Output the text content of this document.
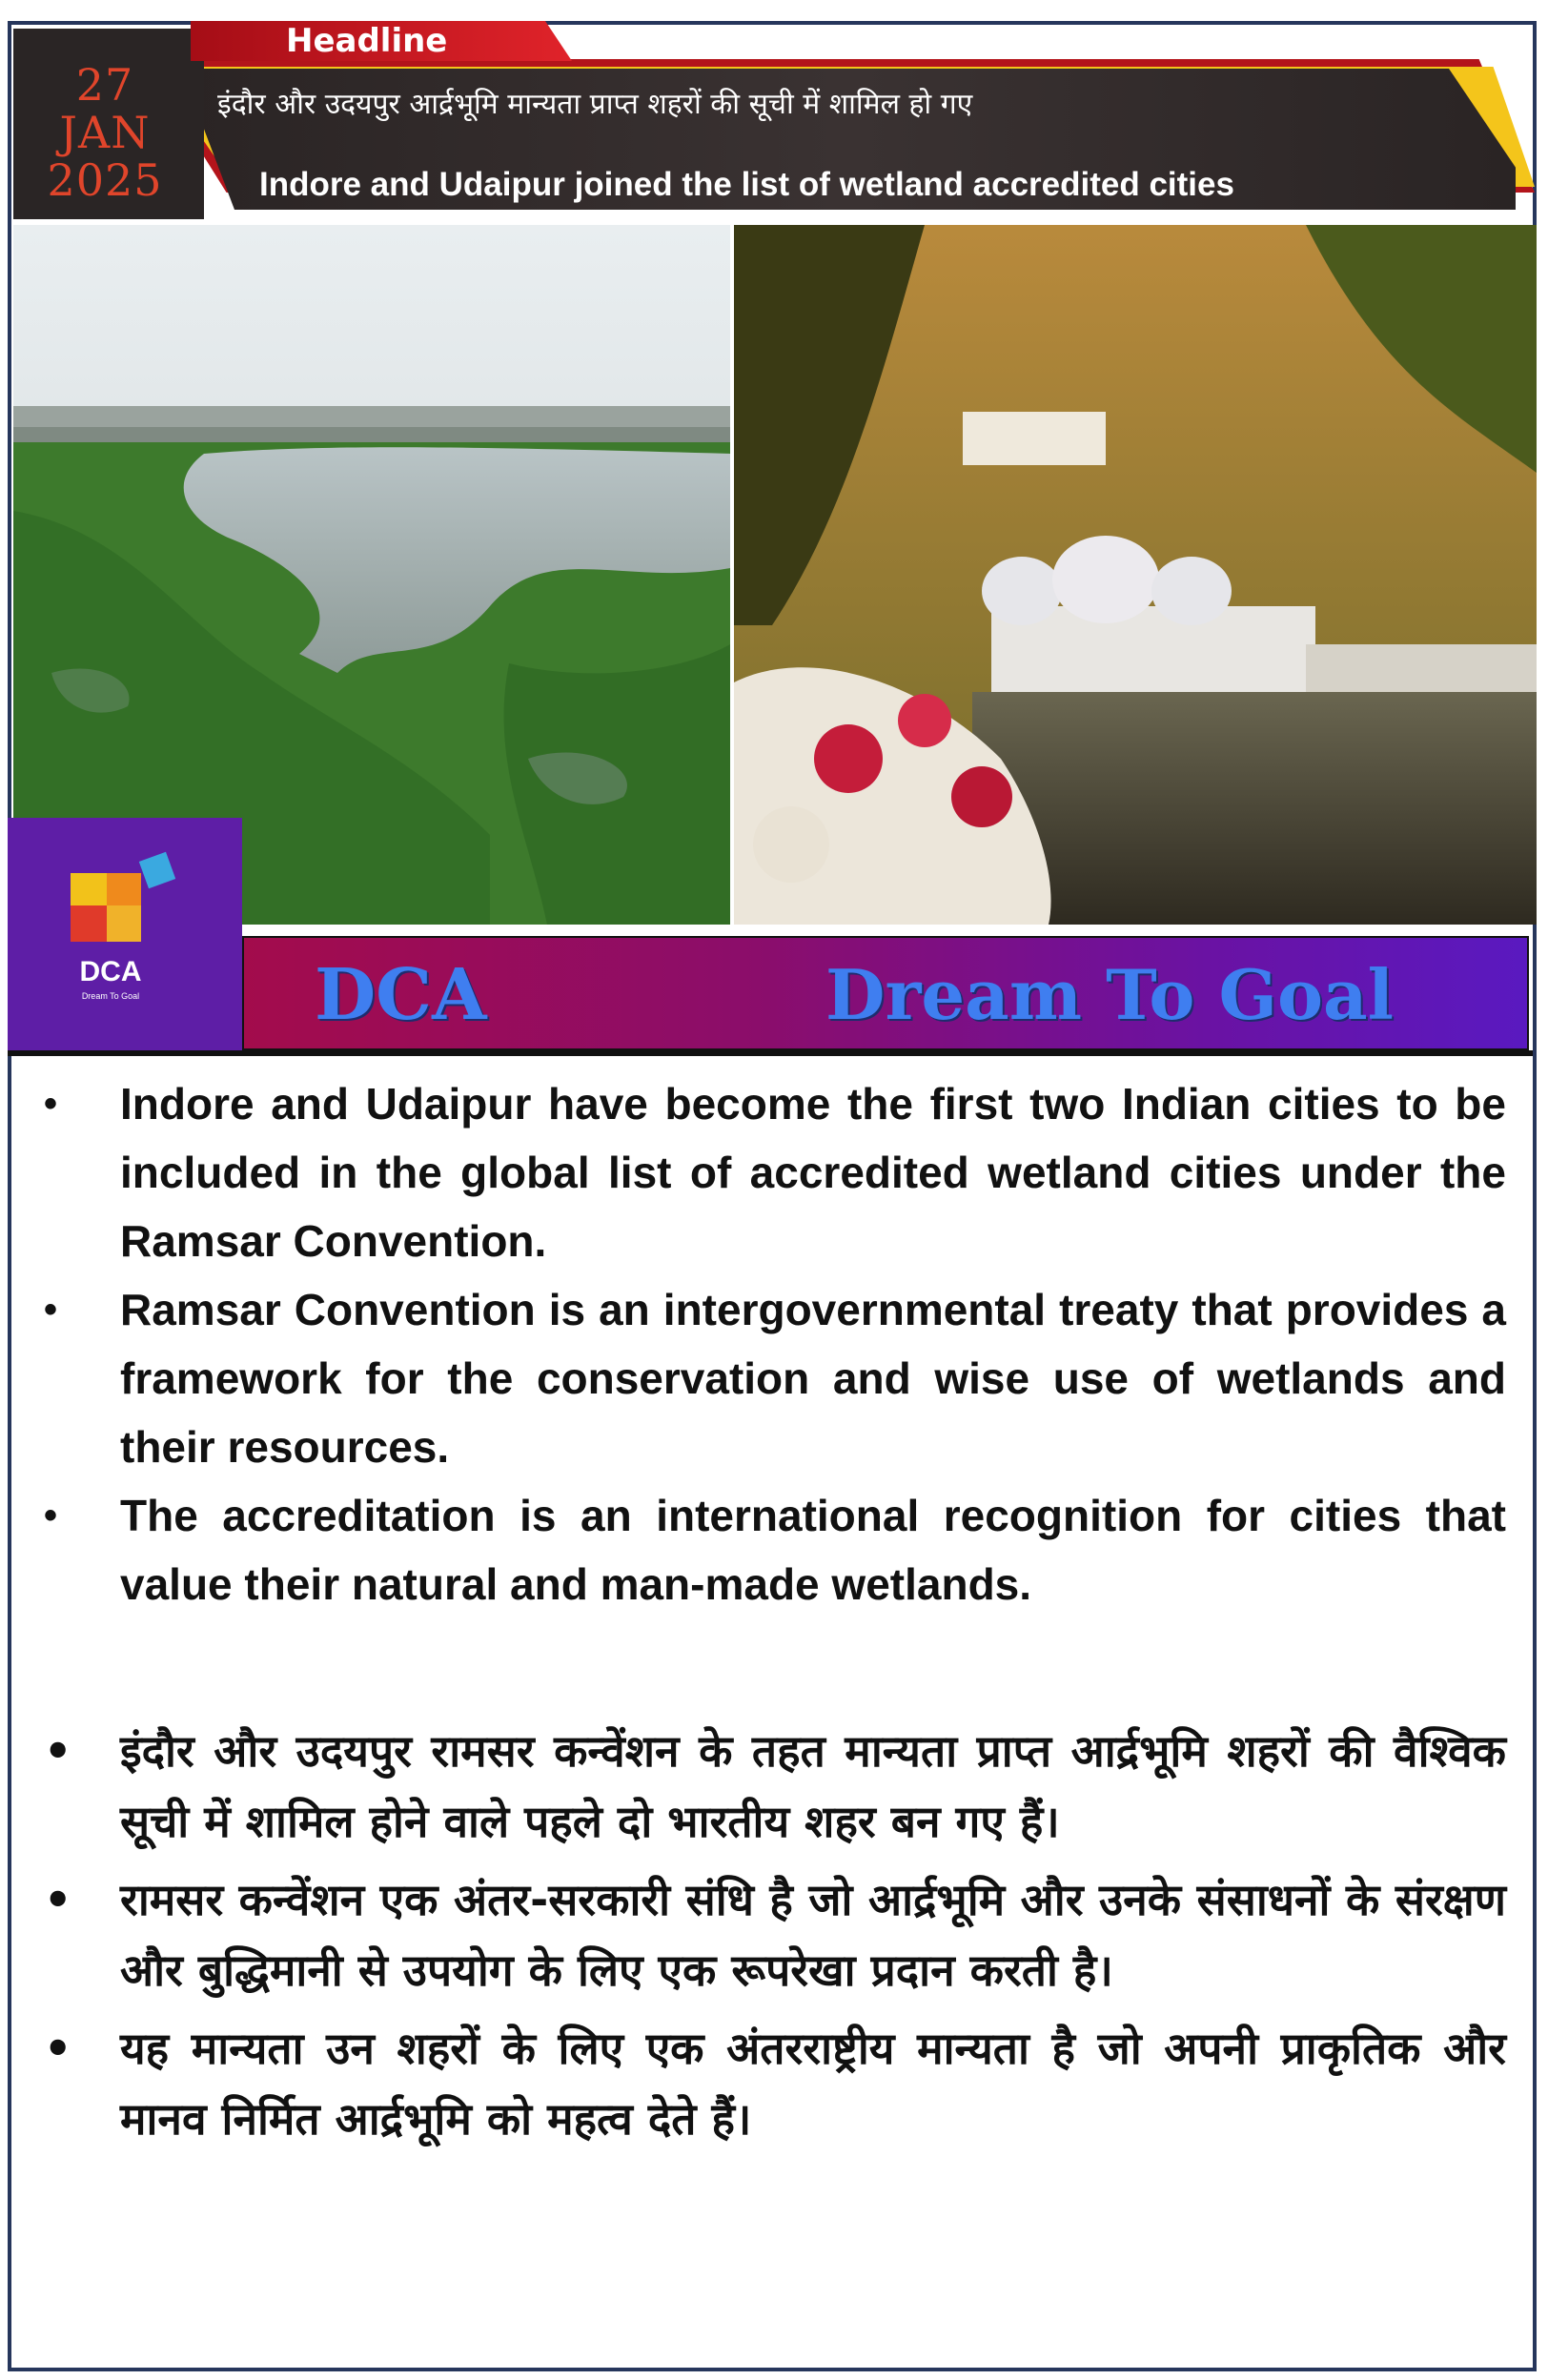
27
JAN
2025
Headline
इंदौर और उदयपुर आर्द्रभूमि मान्यता प्राप्त शहरों की सूची में शामिल हो गए
Indore and Udaipur joined the list of wetland accredited cities
DCA
Dream To Goal	DCA	Dream To Goal
•	Indore and Udaipur have become the first two Indian cities to be included in the global list of accredited wetland cities under the Ramsar Convention.
•	Ramsar Convention is an intergovernmental treaty that provides a framework for the conservation and wise use of wetlands and their resources.
•	The accreditation is an international recognition for cities that value their natural and man-made wetlands.
• इंदौर और उदयपुर रामसर कन्वेंशन के तहत मान्यता प्राप्त आर्द्रभूमि शहरों की वैश्विक सूची में शामिल होने वाले पहले दो भारतीय शहर बन गए हैं।
• रामसर कन्वेंशन एक अंतर-सरकारी संधि है जो आर्द्रभूमि और उनके संसाधनों के संरक्षण और बुद्धिमानी से उपयोग के लिए एक रूपरेखा प्रदान करती है।
• यह मान्यता उन शहरों के लिए एक अंतरराष्ट्रीय मान्यता है जो अपनी प्राकृतिक और मानव निर्मित आर्द्रभूमि को महत्व देते हैं।
